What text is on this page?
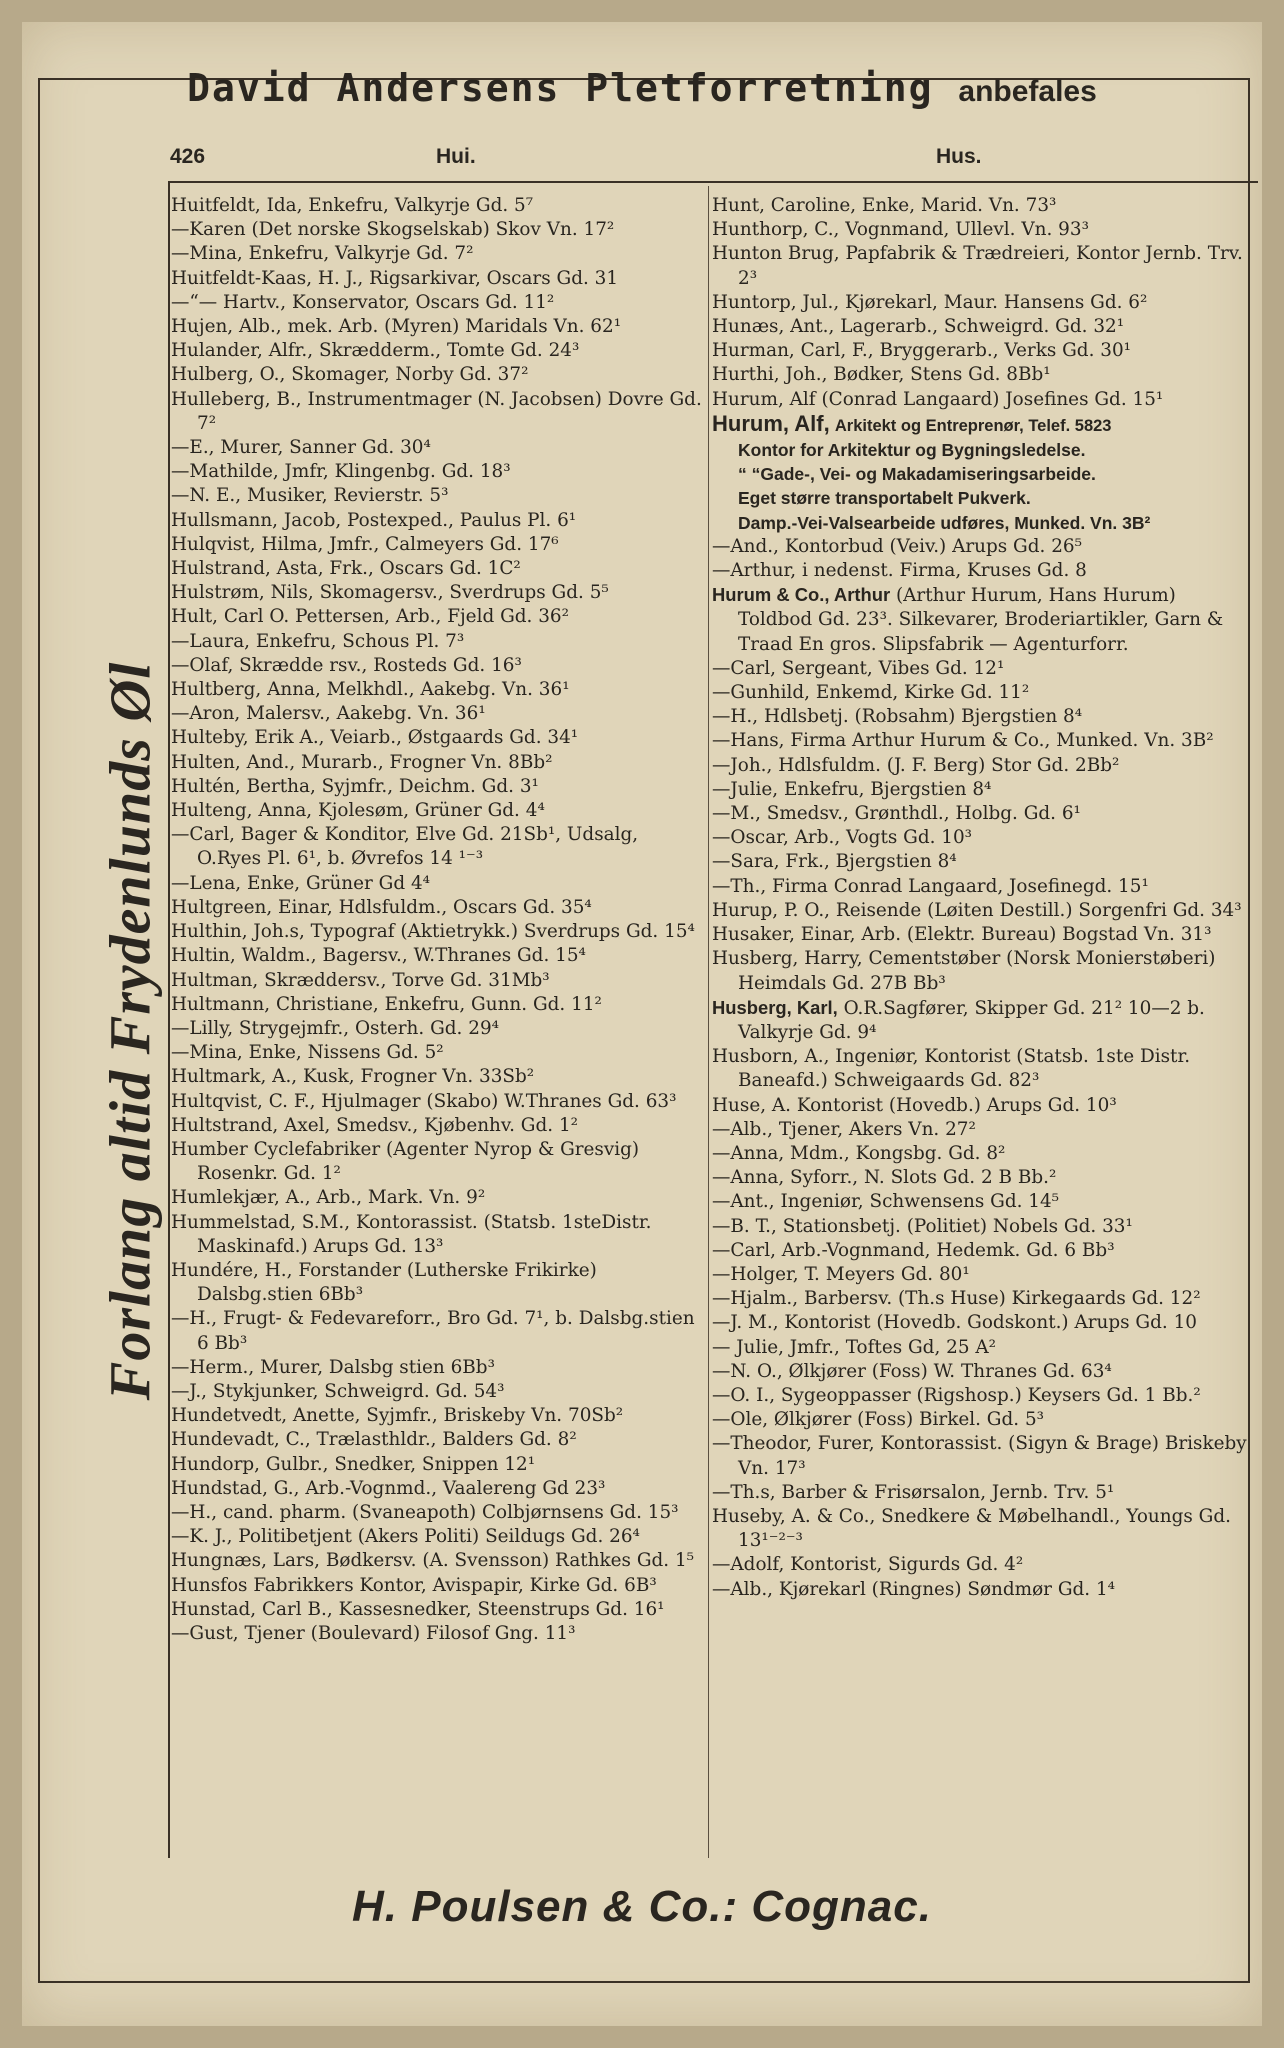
David Andersens Pletforretning anbefales
426	Hui.	Hus.
Forlang altid Frydenlunds Øl

Huitfeldt, Ida, Enkefru, Valkyrje Gd. 5⁷

—Karen (Det norske Skogselskab) Skov Vn. 17²

—Mina, Enkefru, Valkyrje Gd. 7²

Huitfeldt-Kaas, H. J., Rigsarkivar, Oscars Gd. 31

—“— Hartv., Konservator, Oscars Gd. 11²

Hujen, Alb., mek. Arb. (Myren) Maridals Vn. 62¹

Hulander, Alfr., Skrædderm., Tomte Gd. 24³

Hulberg, O., Skomager, Norby Gd. 37²

Hulleberg, B., Instrumentmager (N. Jacobsen) Dovre Gd. 7²

—E., Murer, Sanner Gd. 30⁴

—Mathilde, Jmfr, Klingenbg. Gd. 18³

—N. E., Musiker, Revierstr. 5³

Hullsmann, Jacob, Postexped., Paulus Pl. 6¹

Hulqvist, Hilma, Jmfr., Calmeyers Gd. 17⁶

Hulstrand, Asta, Frk., Oscars Gd. 1C²

Hulstrøm, Nils, Skomagersv., Sverdrups Gd. 5⁵

Hult, Carl O. Pettersen, Arb., Fjeld Gd. 36²

—Laura, Enkefru, Schous Pl. 7³

—Olaf, Skrædde rsv., Rosteds Gd. 16³

Hultberg, Anna, Melkhdl., Aakebg. Vn. 36¹

—Aron, Malersv., Aakebg. Vn. 36¹

Hulteby, Erik A., Veiarb., Østgaards Gd. 34¹

Hulten, And., Murarb., Frogner Vn. 8Bb²

Hultén, Bertha, Syjmfr., Deichm. Gd. 3¹

Hulteng, Anna, Kjolesøm, Grüner Gd. 4⁴

—Carl, Bager & Konditor, Elve Gd. 21Sb¹, Udsalg, O.Ryes Pl. 6¹, b. Øvrefos 14 ¹⁻³

—Lena, Enke, Grüner Gd 4⁴

Hultgreen, Einar, Hdlsfuldm., Oscars Gd. 35⁴

Hulthin, Joh.s, Typograf (Aktietrykk.) Sverdrups Gd. 15⁴

Hultin, Waldm., Bagersv., W.Thranes Gd. 15⁴

Hultman, Skræddersv., Torve Gd. 31Mb³

Hultmann, Christiane, Enkefru, Gunn. Gd. 11²

—Lilly, Strygejmfr., Osterh. Gd. 29⁴

—Mina, Enke, Nissens Gd. 5²

Hultmark, A., Kusk, Frogner Vn. 33Sb²

Hultqvist, C. F., Hjulmager (Skabo) W.Thranes Gd. 63³

Hultstrand, Axel, Smedsv., Kjøbenhv. Gd. 1²

Humber Cyclefabriker (Agenter Nyrop & Gresvig) Rosenkr. Gd. 1²

Humlekjær, A., Arb., Mark. Vn. 9²

Hummelstad, S.M., Kontorassist. (Statsb. 1steDistr. Maskinafd.) Arups Gd. 13³

Hundére, H., Forstander (Lutherske Frikirke) Dalsbg.stien 6Bb³

—H., Frugt- & Fedevareforr., Bro Gd. 7¹, b. Dalsbg.stien 6 Bb³

—Herm., Murer, Dalsbg stien 6Bb³

—J., Stykjunker, Schweigrd. Gd. 54³

Hundetvedt, Anette, Syjmfr., Briskeby Vn. 70Sb²

Hundevadt, C., Trælasthldr., Balders Gd. 8²

Hundorp, Gulbr., Snedker, Snippen 12¹

Hundstad, G., Arb.-Vognmd., Vaalereng Gd 23³

—H., cand. pharm. (Svaneapoth) Colbjørnsens Gd. 15³

—K. J., Politibetjent (Akers Politi) Seildugs Gd. 26⁴

Hungnæs, Lars, Bødkersv. (A. Svensson) Rathkes Gd. 1⁵

Hunsfos Fabrikkers Kontor, Avispapir, Kirke Gd. 6B³

Hunstad, Carl B., Kassesnedker, Steenstrups Gd. 16¹

—Gust, Tjener (Boulevard) Filosof Gng. 11³

Hunt, Caroline, Enke, Marid. Vn. 73³

Hunthorp, C., Vognmand, Ullevl. Vn. 93³

Hunton Brug, Papfabrik & Trædreieri, Kontor Jernb. Trv. 2³

Huntorp, Jul., Kjørekarl, Maur. Hansens Gd. 6²

Hunæs, Ant., Lagerarb., Schweigrd. Gd. 32¹

Hurman, Carl, F., Bryggerarb., Verks Gd. 30¹

Hurthi, Joh., Bødker, Stens Gd. 8Bb¹

Hurum, Alf (Conrad Langaard) Josefines Gd. 15¹

Hurum, Alf, Arkitekt og Entreprenør, Telef. 5823

Kontor for Arkitektur og Bygningsledelse.

“ “Gade-, Vei- og Makadamiseringsarbeide.

Eget større transportabelt Pukverk.

Damp.-Vei-Valsearbeide udføres, Munked. Vn. 3B²

—And., Kontorbud (Veiv.) Arups Gd. 26⁵

—Arthur, i nedenst. Firma, Kruses Gd. 8

Hurum & Co., Arthur (Arthur Hurum, Hans Hurum) Toldbod Gd. 23³. Silkevarer, Broderiartikler, Garn & Traad En gros. Slipsfabrik — Agenturforr.

—Carl, Sergeant, Vibes Gd. 12¹

—Gunhild, Enkemd, Kirke Gd. 11²

—H., Hdlsbetj. (Robsahm) Bjergstien 8⁴

—Hans, Firma Arthur Hurum & Co., Munked. Vn. 3B²

—Joh., Hdlsfuldm. (J. F. Berg) Stor Gd. 2Bb²

—Julie, Enkefru, Bjergstien 8⁴

—M., Smedsv., Grønthdl., Holbg. Gd. 6¹

—Oscar, Arb., Vogts Gd. 10³

—Sara, Frk., Bjergstien 8⁴

—Th., Firma Conrad Langaard, Josefinegd. 15¹

Hurup, P. O., Reisende (Løiten Destill.) Sorgenfri Gd. 34³

Husaker, Einar, Arb. (Elektr. Bureau) Bogstad Vn. 31³

Husberg, Harry, Cementstøber (Norsk Monierstøberi) Heimdals Gd. 27B Bb³

Husberg, Karl, O.R.Sagfører, Skipper Gd. 21² 10—2 b. Valkyrje Gd. 9⁴

Husborn, A., Ingeniør, Kontorist (Statsb. 1ste Distr. Baneafd.) Schweigaards Gd. 82³

Huse, A. Kontorist (Hovedb.) Arups Gd. 10³

—Alb., Tjener, Akers Vn. 27²

—Anna, Mdm., Kongsbg. Gd. 8²

—Anna, Syforr., N. Slots Gd. 2 B Bb.²

—Ant., Ingeniør, Schwensens Gd. 14⁵

—B. T., Stationsbetj. (Politiet) Nobels Gd. 33¹

—Carl, Arb.-Vognmand, Hedemk. Gd. 6 Bb³

—Holger, T. Meyers Gd. 80¹

—Hjalm., Barbersv. (Th.s Huse) Kirkegaards Gd. 12²

—J. M., Kontorist (Hovedb. Godskont.) Arups Gd. 10

— Julie, Jmfr., Toftes Gd, 25 A²

—N. O., Ølkjører (Foss) W. Thranes Gd. 63⁴

—O. I., Sygeoppasser (Rigshosp.) Keysers Gd. 1 Bb.²

—Ole, Ølkjører (Foss) Birkel. Gd. 5³

—Theodor, Furer, Kontorassist. (Sigyn & Brage) Briskeby Vn. 17³

—Th.s, Barber & Frisørsalon, Jernb. Trv. 5¹

Huseby, A. & Co., Snedkere & Møbelhandl., Youngs Gd. 13¹⁻²⁻³

—Adolf, Kontorist, Sigurds Gd. 4²

—Alb., Kjørekarl (Ringnes) Søndmør Gd. 1⁴

H. Poulsen & Co.: Cognac.
